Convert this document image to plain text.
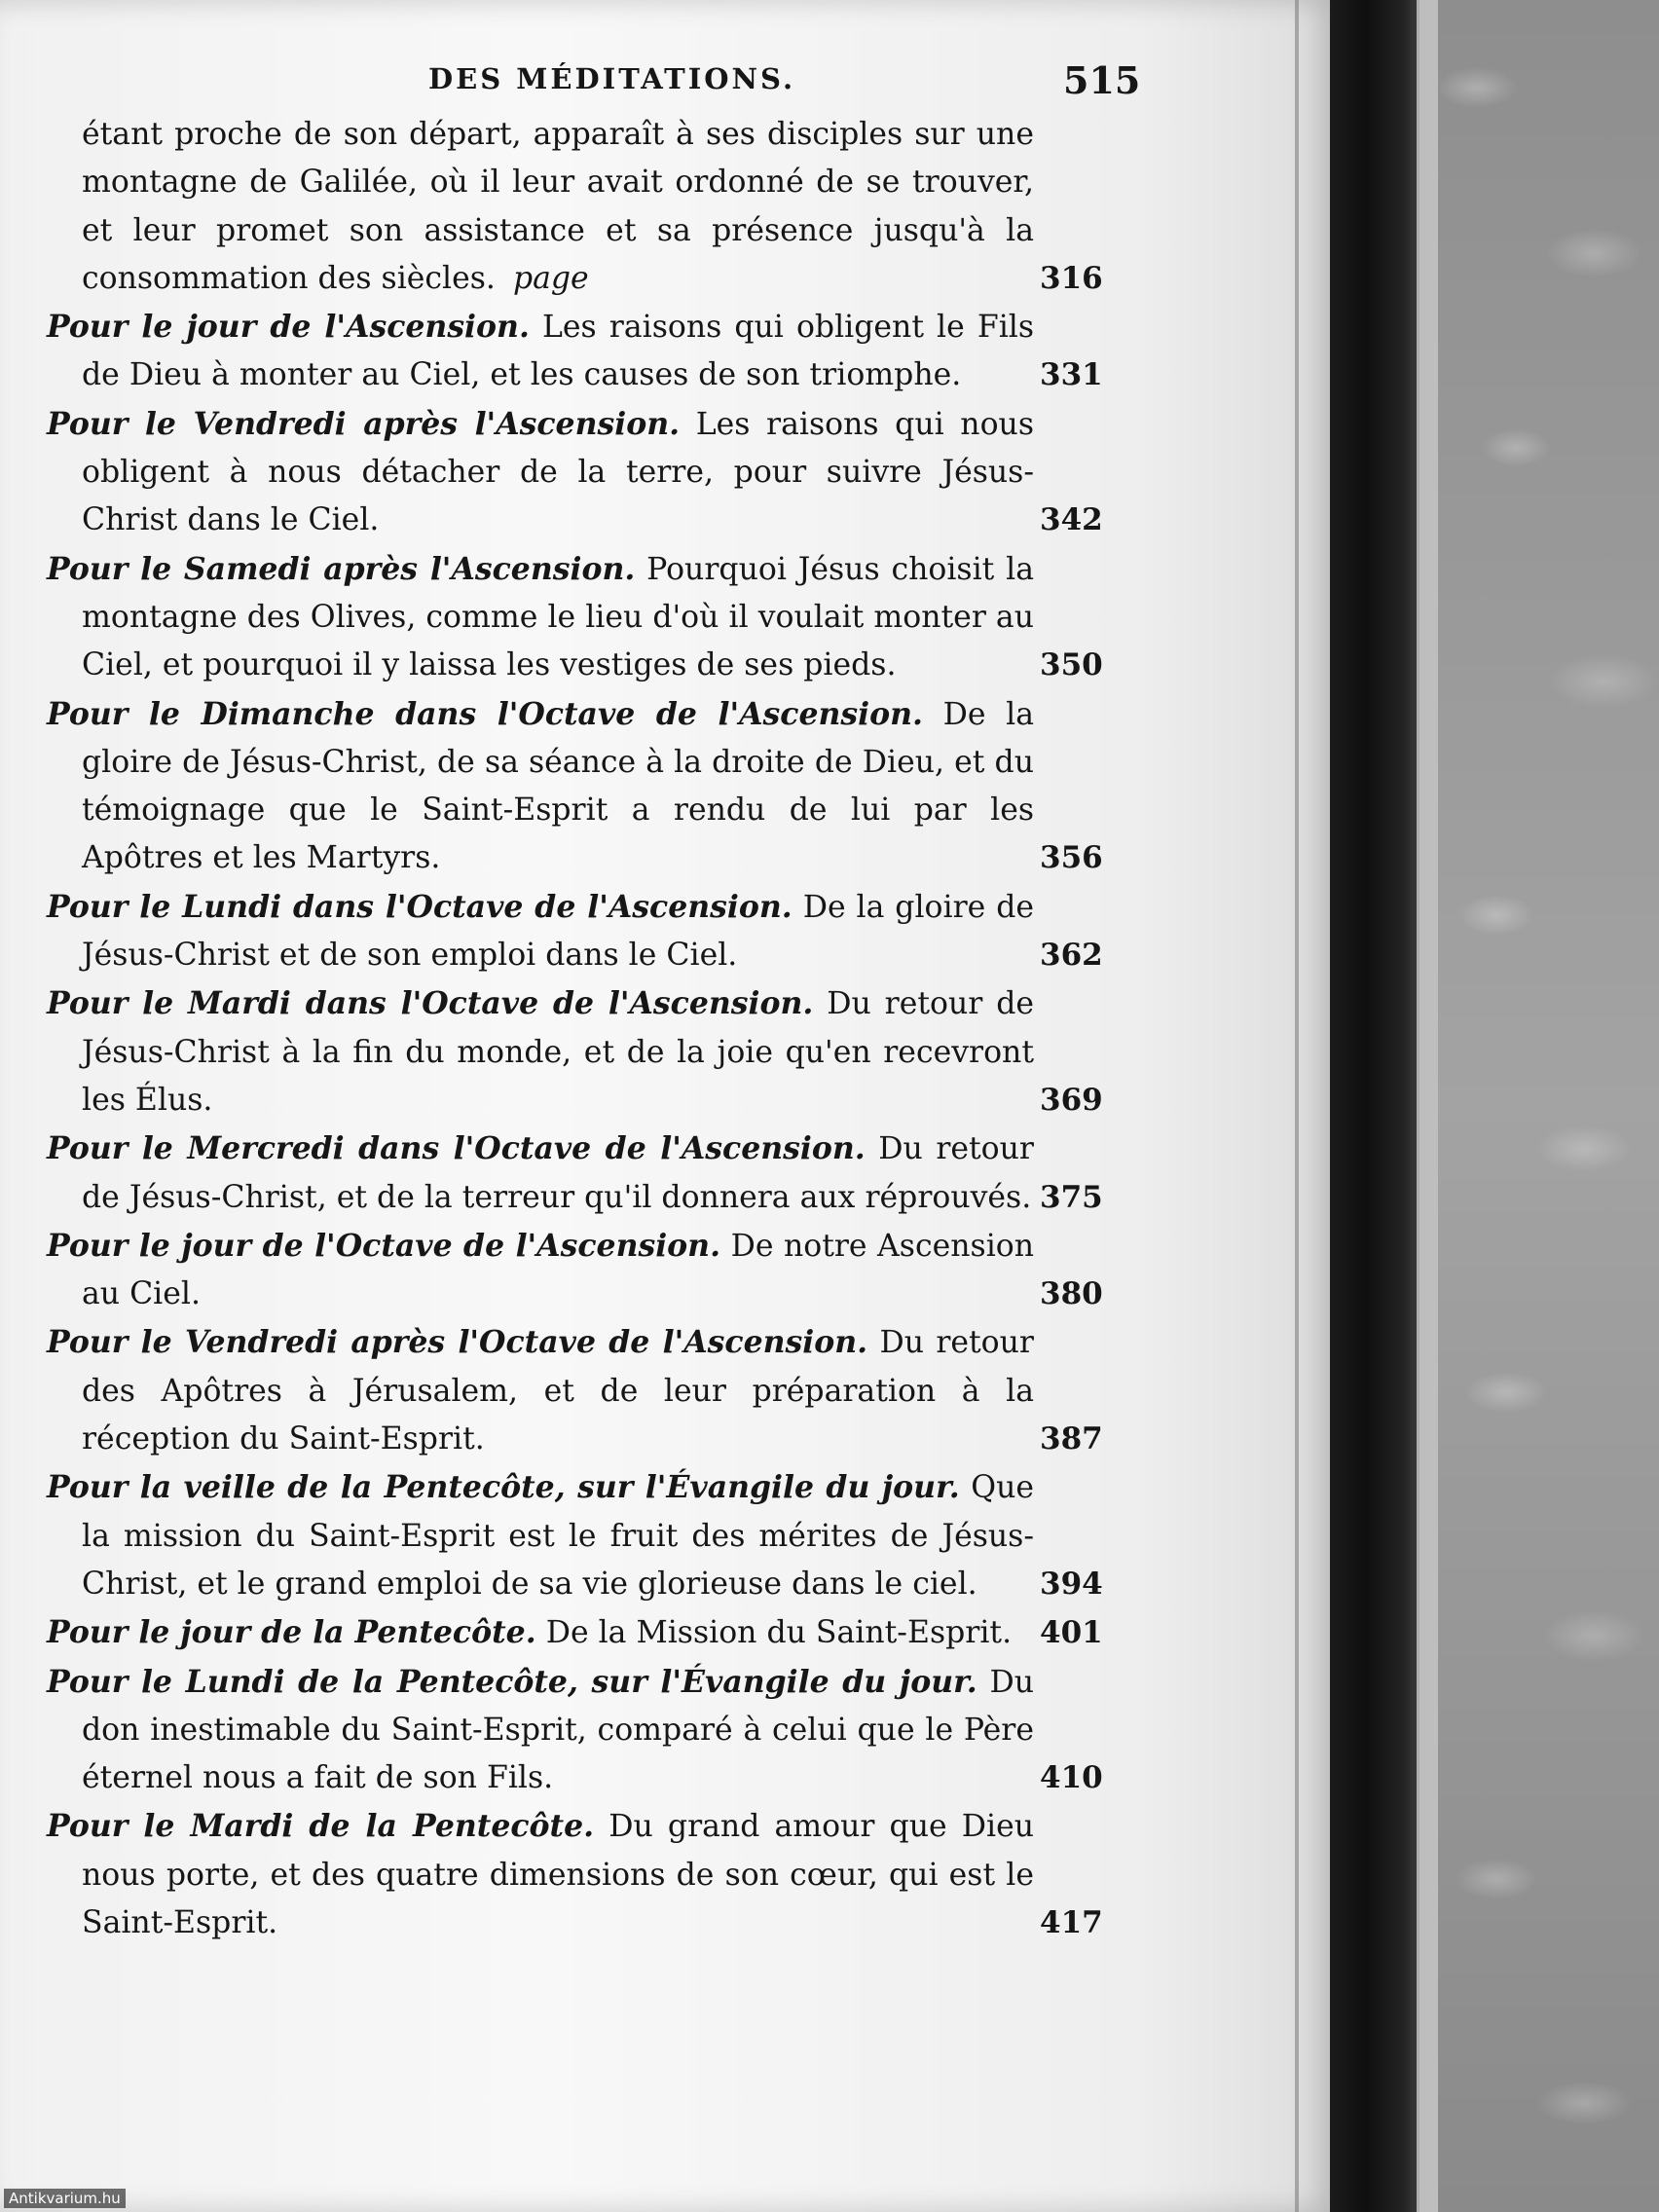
DES MÉDITATIONS.	515
étant proche de son départ, apparaît à ses disciples sur une montagne de Galilée, où il leur avait ordonné de se trouver, et leur promet son assistance et sa présence jusqu'à la consommation des siècles. page	316
Pour le jour de l'Ascension. Les raisons qui obligent le Fils de Dieu à monter au Ciel, et les causes de son triomphe.	331
Pour le Vendredi après l'Ascension. Les raisons qui nous obligent à nous détacher de la terre, pour suivre Jésus-Christ dans le Ciel.	342
Pour le Samedi après l'Ascension. Pourquoi Jésus choisit la montagne des Olives, comme le lieu d'où il voulait monter au Ciel, et pourquoi il y laissa les vestiges de ses pieds.	350
Pour le Dimanche dans l'Octave de l'Ascension. De la gloire de Jésus-Christ, de sa séance à la droite de Dieu, et du témoignage que le Saint-Esprit a rendu de lui par les Apôtres et les Martyrs.	356
Pour le Lundi dans l'Octave de l'Ascension. De la gloire de Jésus-Christ et de son emploi dans le Ciel.	362
Pour le Mardi dans l'Octave de l'Ascension. Du retour de Jésus-Christ à la fin du monde, et de la joie qu'en recevront les Élus.	369
Pour le Mercredi dans l'Octave de l'Ascension. Du retour de Jésus-Christ, et de la terreur qu'il donnera aux réprouvés. 375
Pour le jour de l'Octave de l'Ascension. De notre Ascension au Ciel.	380
Pour le Vendredi après l'Octave de l'Ascension. Du retour des Apôtres à Jérusalem, et de leur préparation à la réception du Saint-Esprit.	387
Pour la veille de la Pentecôte, sur l'Évangile du jour. Que la mission du Saint-Esprit est le fruit des mérites de Jésus-Christ, et le grand emploi de sa vie glorieuse dans le ciel. 394
Pour le jour de la Pentecôte. De la Mission du Saint-Esprit. 401
Pour le Lundi de la Pentecôte, sur l'Évangile du jour. Du don inestimable du Saint-Esprit, comparé à celui que le Père éternel nous a fait de son Fils.	410
Pour le Mardi de la Pentecôte. Du grand amour que Dieu nous porte, et des quatre dimensions de son cœur, qui est le Saint-Esprit.	417
Antikvarium.hu
